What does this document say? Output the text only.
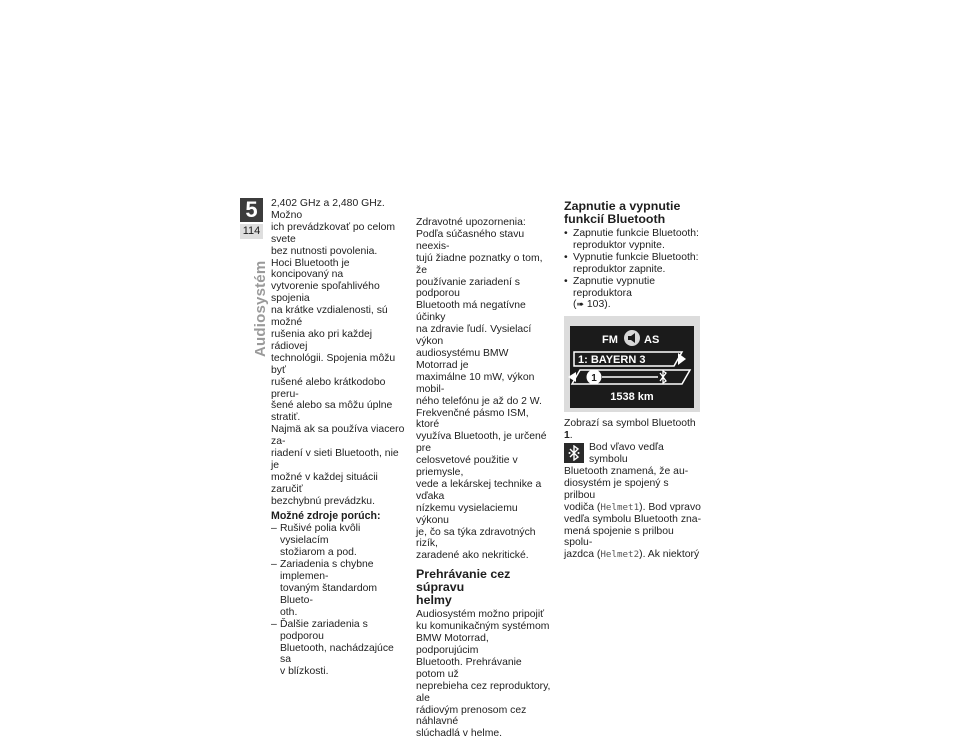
5
114
Audiosystém

2,402 GHz a 2,480 GHz. Možno
ich prevádzkovať po celom svete
bez nutnosti povolenia.
Hoci Bluetooth je koncipovaný na
vytvorenie spoľahlivého spojenia
na krátke vzdialenosti, sú možné
rušenia ako pri každej rádiovej
technológii. Spojenia môžu byť
rušené alebo krátkodobo preru-
šené alebo sa môžu úplne stratiť.
Najmä ak sa používa viacero za-
riadení v sieti Bluetooth, nie je
možné v každej situácii zaručiť
bezchybnú prevádzku.

Možné zdroje porúch:

– Rušivé polia kvôli vysielacím
stožiarom a pod.
– Zariadenia s chybne implemen-
tovaným štandardom Blueto-
oth.
– Ďalšie zariadenia s podporou
Bluetooth, nachádzajúce sa
v blízkosti.

Zdravotné upozornenia:
Podľa súčasného stavu neexis-
tujú žiadne poznatky o tom, že
používanie zariadení s podporou
Bluetooth má negatívne účinky
na zdravie ľudí. Vysielací výkon
audiosystému BMW Motorrad je
maximálne 10 mW, výkon mobil-
ného telefónu je až do 2 W.
Frekvenčné pásmo ISM, ktoré
využíva Bluetooth, je určené pre
celosvetové použitie v priemysle,
vede a lekárskej technike a vďaka
nízkemu vysielaciemu výkonu
je, čo sa týka zdravotných rizík,
zaradené ako nekritické.

Prehrávanie cez súpravu
helmy

Audiosystém možno pripojiť
ku komunikačným systémom
BMW Motorrad, podporujúcim
Bluetooth. Prehrávanie potom už
neprebieha cez reproduktory, ale
rádiovým prenosom cez náhlavné
slúchadlá v helme.

Zapnutie a vypnutie
funkcií Bluetooth

• Zapnutie funkcie Bluetooth:
reproduktor vypnite.
• Vypnutie funkcie Bluetooth:
reproduktor zapnite.
• Zapnutie vypnutie reproduktora
(➠ 103).
FM AS
1: BAYERN 3
1
1538 km

Zobrazí sa symbol Bluetooth 1.

Bod vľavo vedľa symbolu
Bluetooth znamená, že au-
diosystém je spojený s prilbou
vodiča (Helmet1). Bod vpravo
vedľa symbolu Bluetooth zna-
mená spojenie s prilbou spolu-
jazdca (Helmet2). Ak niektorý
